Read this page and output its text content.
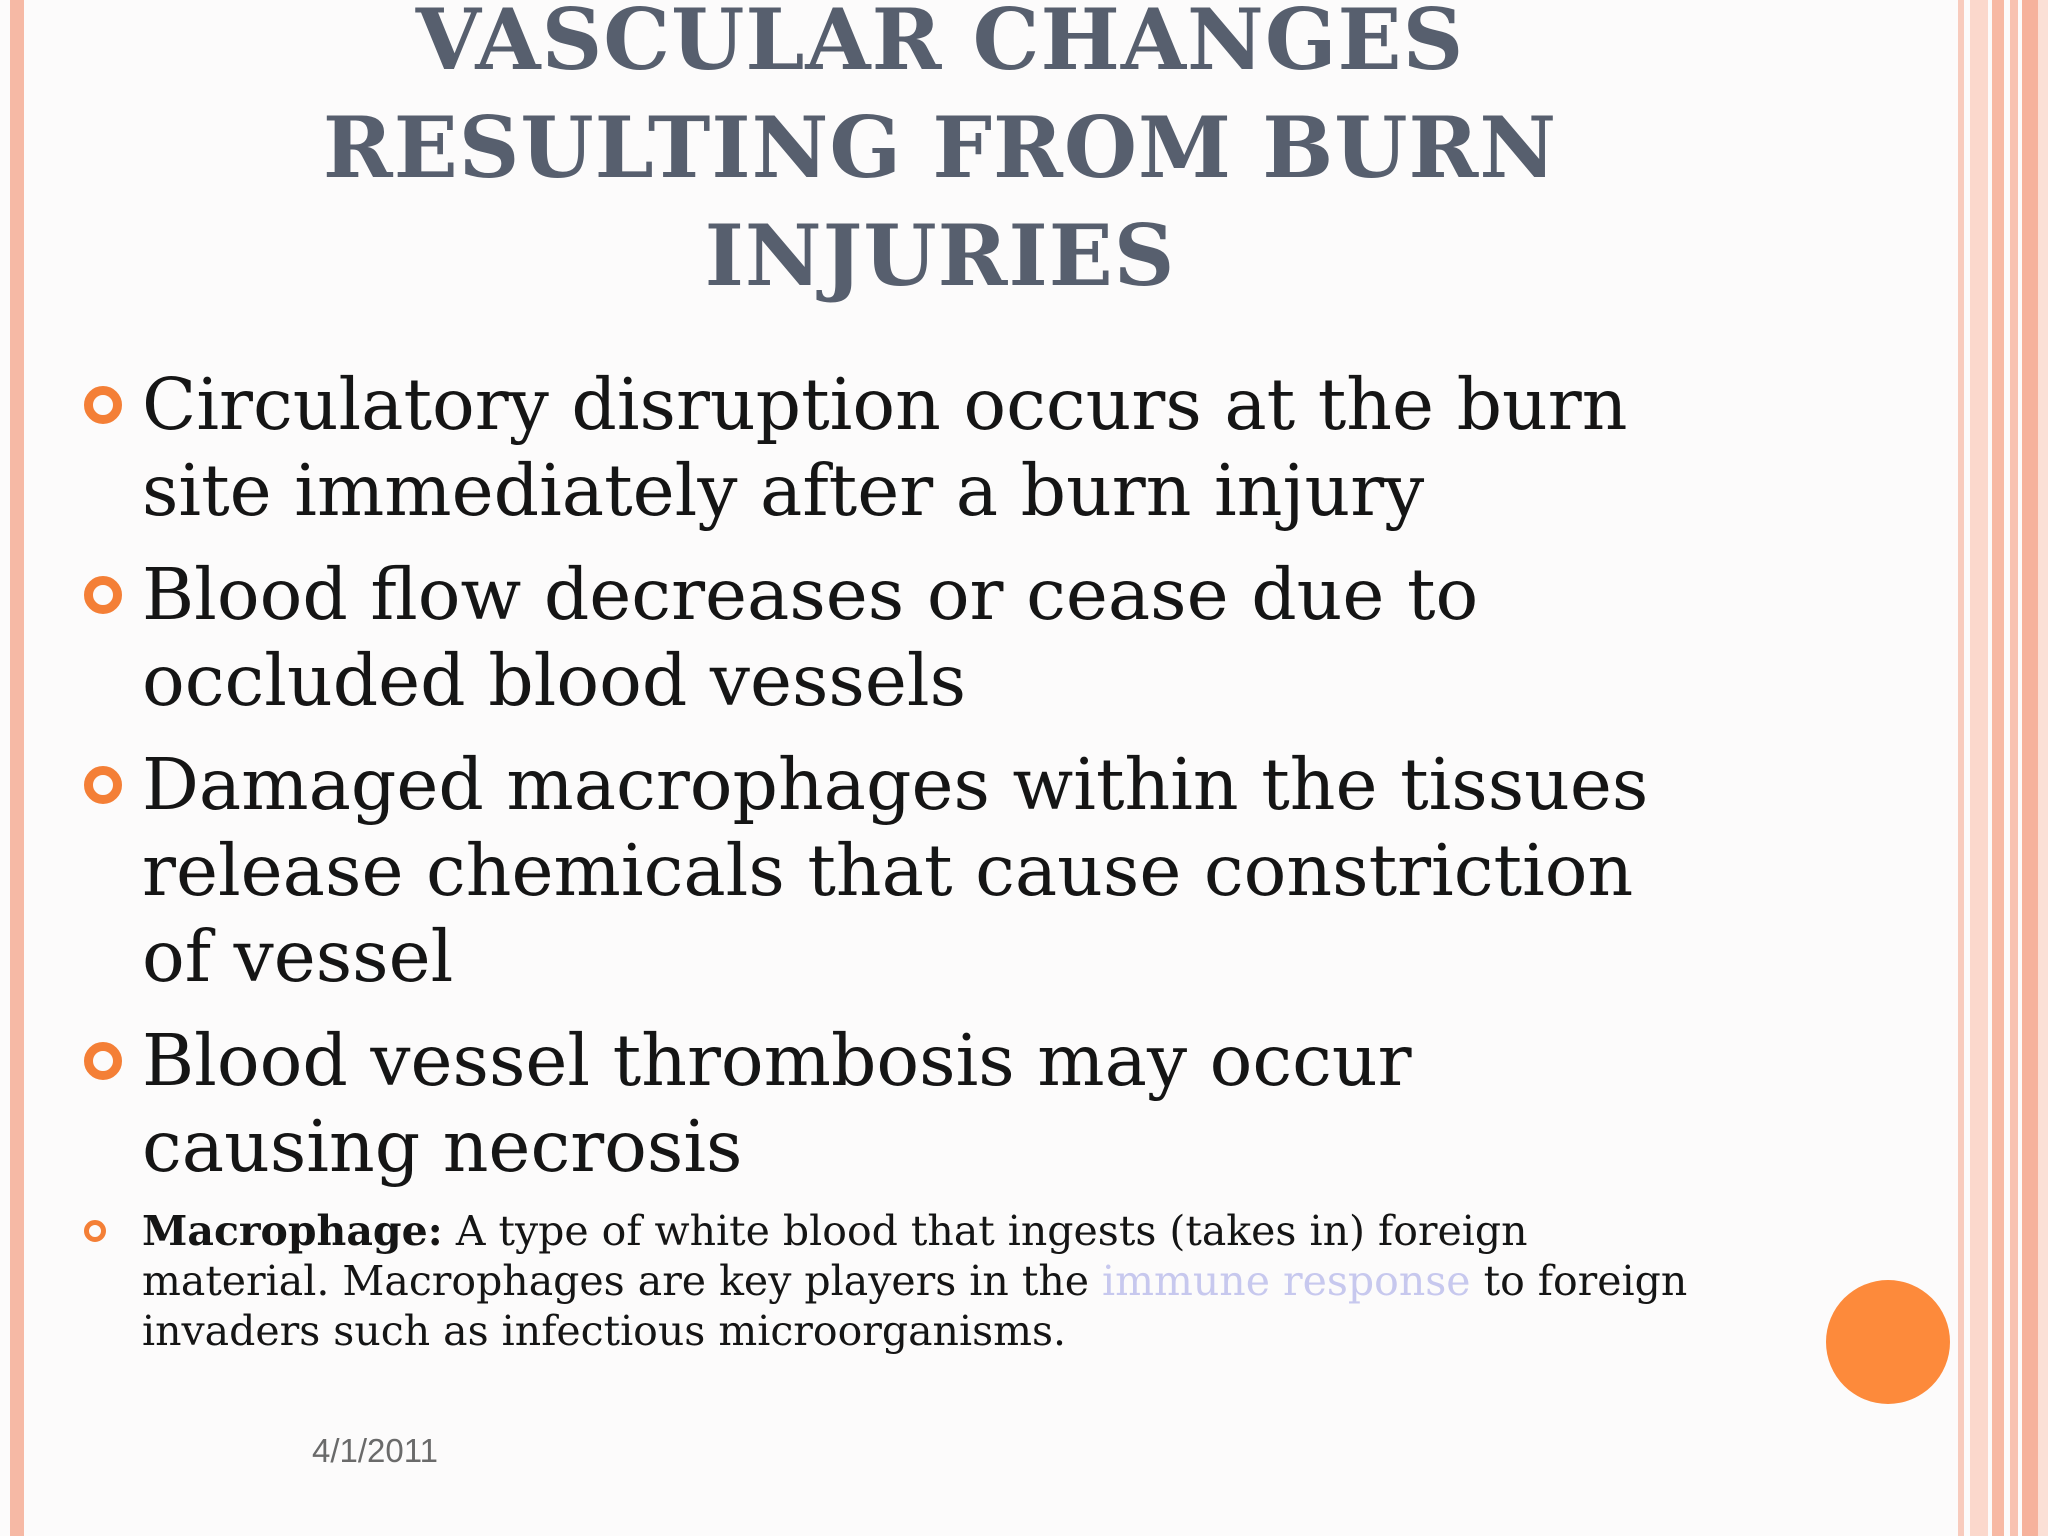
VASCULAR CHANGES
RESULTING FROM BURN
INJURIES
Circulatory disruption occurs at the burn
site immediately after a burn injury
Blood flow decreases or cease due to
occluded blood vessels
Damaged macrophages within the tissues
release chemicals that cause constriction
of vessel
Blood vessel thrombosis may occur
causing necrosis
Macrophage: A type of white blood that ingests (takes in) foreign
material. Macrophages are key players in the immune response to foreign
invaders such as infectious microorganisms.
4/1/2011
